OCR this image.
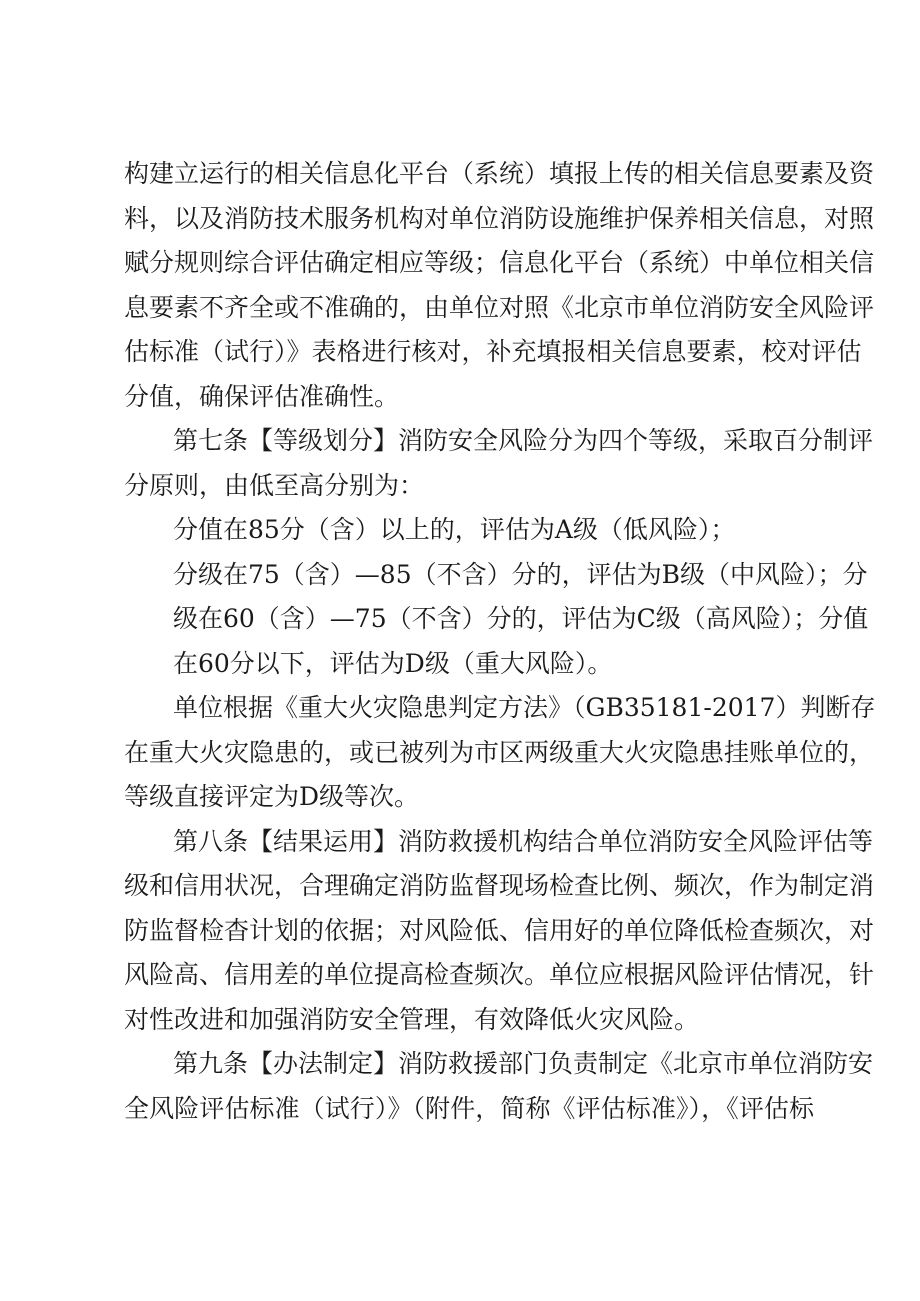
构建立运行的相关信息化平台（系统）填报上传的相关信息要素及资
料，以及消防技术服务机构对单位消防设施维护保养相关信息，对照
赋分规则综合评估确定相应等级；信息化平台（系统）中单位相关信
息要素不齐全或不准确的，由单位对照《北京市单位消防安全风险评
估标准（试行）》表格进行核对，补充填报相关信息要素，校对评估
分值，确保评估准确性。
第七条【等级划分】消防安全风险分为四个等级，采取百分制评
分原则，由低至高分别为：
分值在85分（含）以上的，评估为A级（低风险）；
分级在75（含）—85（不含）分的，评估为B级（中风险）；分
级在60（含）—75（不含）分的，评估为C级（高风险）；分值
在60分以下，评估为D级（重大风险）。
单位根据《重大火灾隐患判定方法》（GB35181-2017）判断存
在重大火灾隐患的，或已被列为市区两级重大火灾隐患挂账单位的，
等级直接评定为D级等次。
第八条【结果运用】消防救援机构结合单位消防安全风险评估等
级和信用状况，合理确定消防监督现场检查比例、频次，作为制定消
防监督检杳计划的依据；对风险低、信用好的单位降低检查频次，对
风险高、信用差的单位提高检查频次。单位应根据风险评估情况，针
对性改进和加强消防安全管理，有效降低火灾风险。
第九条【办法制定】消防救援部门负责制定《北京市单位消防安
全风险评估标准（试行）》（附件，简称《评估标准》），《评估标
